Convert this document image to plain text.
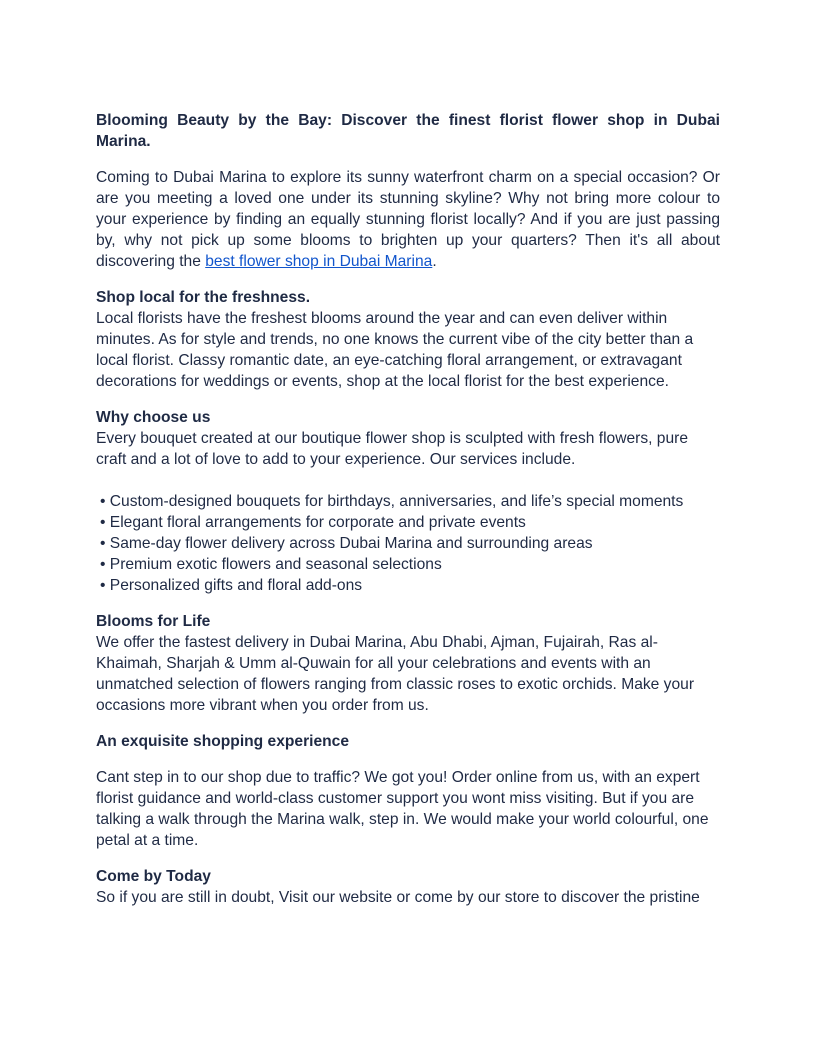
Blooming Beauty by the Bay: Discover the finest florist flower shop in Dubai Marina.

Coming to Dubai Marina to explore its sunny waterfront charm on a special occasion? Or are you meeting a loved one under its stunning skyline? Why not bring more colour to your experience by finding an equally stunning florist locally? And if you are just passing by, why not pick up some blooms to brighten up your quarters? Then it's all about discovering the best flower shop in Dubai Marina.

Shop local for the freshness.

Local florists have the freshest blooms around the year and can even deliver within minutes. As for style and trends, no one knows the current vibe of the city better than a local florist. Classy romantic date, an eye-catching floral arrangement, or extravagant decorations for weddings or events, shop at the local florist for the best experience.

Why choose us

Every bouquet created at our boutique flower shop is sculpted with fresh flowers, pure craft and a lot of love to add to your experience. Our services include.

• Custom-designed bouquets for birthdays, anniversaries, and life’s special moments
• Elegant floral arrangements for corporate and private events
• Same-day flower delivery across Dubai Marina and surrounding areas
• Premium exotic flowers and seasonal selections
• Personalized gifts and floral add-ons

Blooms for Life

We offer the fastest delivery in Dubai Marina, Abu Dhabi, Ajman, Fujairah, Ras al-Khaimah, Sharjah & Umm al-Quwain for all your celebrations and events with an unmatched selection of flowers ranging from classic roses to exotic orchids. Make your occasions more vibrant when you order from us.

An exquisite shopping experience

Cant step in to our shop due to traffic? We got you! Order online from us, with an expert florist guidance and world-class customer support you wont miss visiting. But if you are talking a walk through the Marina walk, step in. We would make your world colourful, one petal at a time.

Come by Today

So if you are still in doubt, Visit our website or come by our store to discover the pristine
